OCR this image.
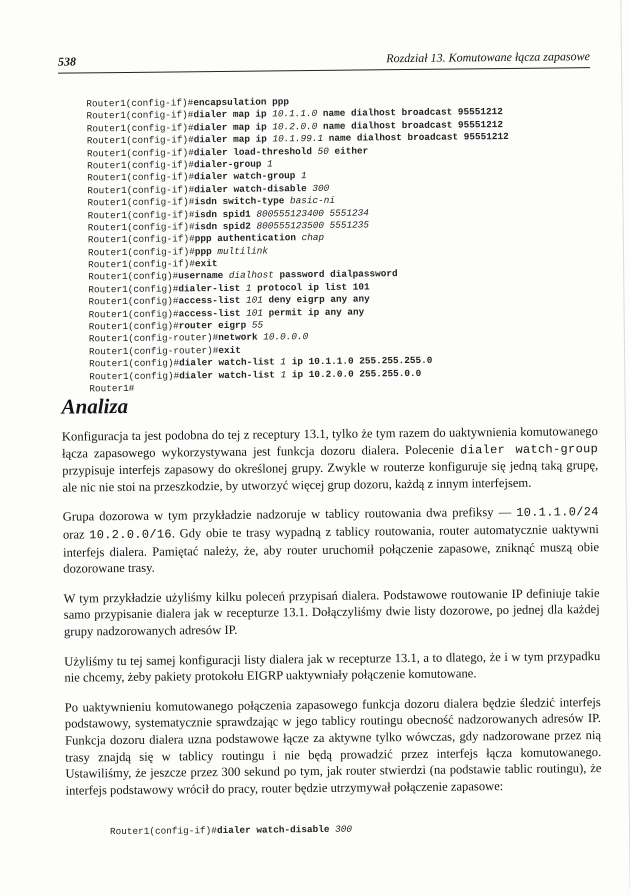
538	Rozdział 13. Komutowane łącza zapasowe
Router1(config-if)#encapsulation ppp
Router1(config-if)#dialer map ip 10.1.1.0 name dialhost broadcast 95551212
Router1(config-if)#dialer map ip 10.2.0.0 name dialhost broadcast 95551212
Router1(config-if)#dialer map ip 10.1.99.1 name dialhost broadcast 95551212
Router1(config-if)#dialer load-threshold 50 either
Router1(config-if)#dialer-group 1
Router1(config-if)#dialer watch-group 1
Router1(config-if)#dialer watch-disable 300
Router1(config-if)#isdn switch-type basic-ni
Router1(config-if)#isdn spid1 800555123400 5551234
Router1(config-if)#isdn spid2 800555123500 5551235
Router1(config-if)#ppp authentication chap
Router1(config-if)#ppp multilink
Router1(config-if)#exit
Router1(config)#username dialhost password dialpassword
Router1(config)#dialer-list 1 protocol ip list 101
Router1(config)#access-list 101 deny eigrp any any
Router1(config)#access-list 101 permit ip any any
Router1(config)#router eigrp 55
Router1(config-router)#network 10.0.0.0
Router1(config-router)#exit
Router1(config)#dialer watch-list 1 ip 10.1.1.0 255.255.255.0
Router1(config)#dialer watch-list 1 ip 10.2.0.0 255.255.0.0
Router1#
Analiza

Konfiguracja ta jest podobna do tej z receptury 13.1, tylko że tym razem do uaktywnienia komutowanego łącza zapasowego wykorzystywana jest funkcja dozoru dialera. Polecenie dialer watch-group przypisuje interfejs zapasowy do określonej grupy. Zwykle w routerze konfiguruje się jedną taką grupę, ale nic nie stoi na przeszkodzie, by utworzyć więcej grup dozoru, każdą z innym interfejsem.

Grupa dozorowa w tym przykładzie nadzoruje w tablicy routowania dwa prefiksy — 10.1.1.0/24 oraz 10.2.0.0/16. Gdy obie te trasy wypadną z tablicy routowania, router automatycznie uaktywni interfejs dialera. Pamiętać należy, że, aby router uruchomił połączenie zapasowe, zniknąć muszą obie dozorowane trasy.

W tym przykładzie użyliśmy kilku poleceń przypisań dialera. Podstawowe routowanie IP definiuje takie samo przypisanie dialera jak w recepturze 13.1. Dołączyliśmy dwie listy dozorowe, po jednej dla każdej grupy nadzorowanych adresów IP.

Użyliśmy tu tej samej konfiguracji listy dialera jak w recepturze 13.1, a to dlatego, że i w tym przypadku nie chcemy, żeby pakiety protokołu EIGRP uaktywniały połączenie komutowane.

Po uaktywnieniu komutowanego połączenia zapasowego funkcja dozoru dialera będzie śledzić interfejs podstawowy, systematycznie sprawdzając w jego tablicy routingu obecność nadzorowanych adresów IP. Funkcja dozoru dialera uzna podstawowe łącze za aktywne tylko wówczas, gdy nadzorowane przez nią trasy znajdą się w tablicy routingu i nie będą prowadzić przez interfejs łącza komutowanego. Ustawiliśmy, że jeszcze przez 300 sekund po tym, jak router stwierdzi (na podstawie tablic routingu), że interfejs podstawowy wrócił do pracy, router będzie utrzymywał połączenie zapasowe:

Router1(config-if)#dialer watch-disable 300
